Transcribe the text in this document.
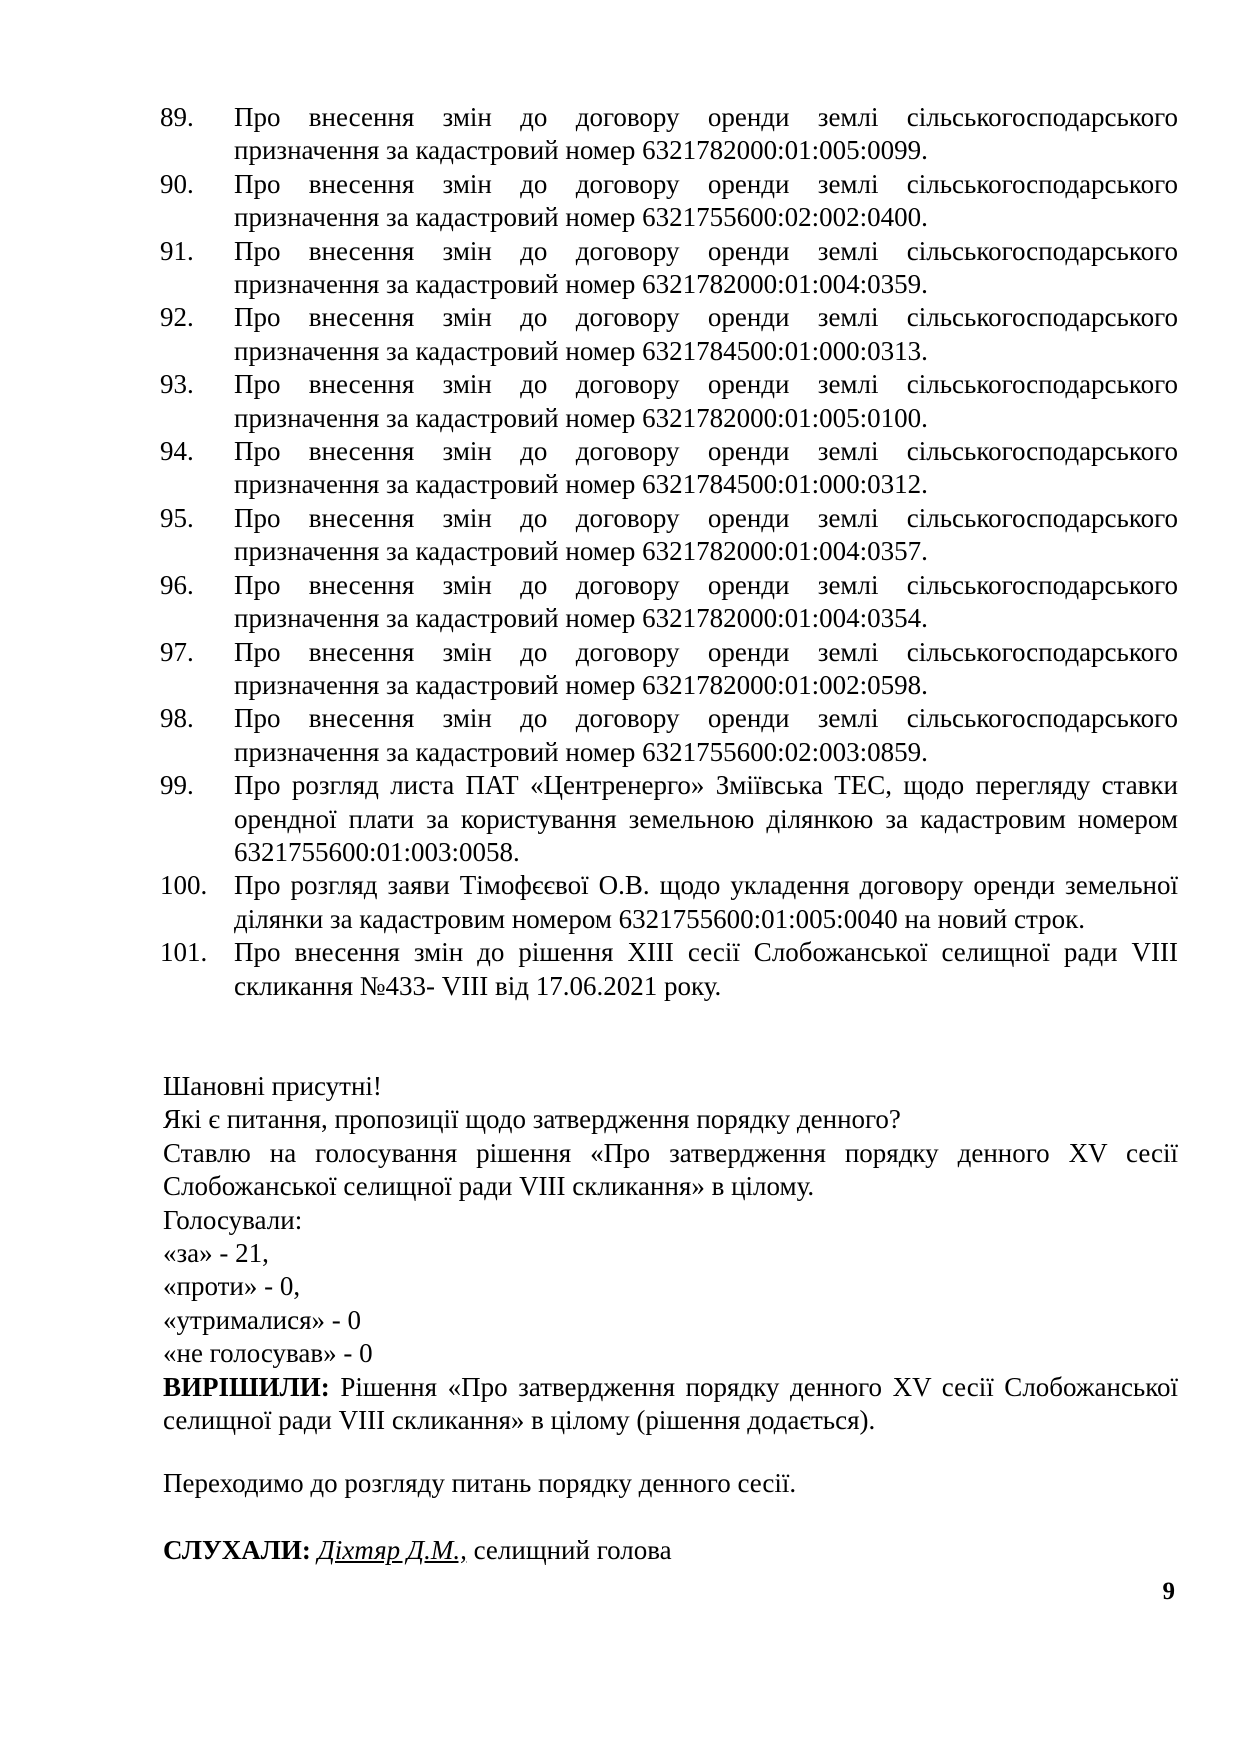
89.	Про внесення змін до договору оренди землі сільськогосподарського призначення за кадастровий номер 6321782000:01:005:0099.
90.	Про внесення змін до договору оренди землі сільськогосподарського призначення за кадастровий номер 6321755600:02:002:0400.
91.	Про внесення змін до договору оренди землі сільськогосподарського призначення за кадастровий номер 6321782000:01:004:0359.
92.	Про внесення змін до договору оренди землі сільськогосподарського призначення за кадастровий номер 6321784500:01:000:0313.
93.	Про внесення змін до договору оренди землі сільськогосподарського призначення за кадастровий номер 6321782000:01:005:0100.
94.	Про внесення змін до договору оренди землі сільськогосподарського призначення за кадастровий номер 6321784500:01:000:0312.
95.	Про внесення змін до договору оренди землі сільськогосподарського призначення за кадастровий номер 6321782000:01:004:0357.
96.	Про внесення змін до договору оренди землі сільськогосподарського призначення за кадастровий номер 6321782000:01:004:0354.
97.	Про внесення змін до договору оренди землі сільськогосподарського призначення за кадастровий номер 6321782000:01:002:0598.
98.	Про внесення змін до договору оренди землі сільськогосподарського призначення за кадастровий номер 6321755600:02:003:0859.
99.	Про розгляд листа ПАТ «Центренерго» Зміївська ТЕС, щодо перегляду ставки орендної плати за користування земельною ділянкою за кадастровим номером 6321755600:01:003:0058.
100. Про розгляд заяви Тімофєєвої О.В. щодо укладення договору оренди земельної ділянки за кадастровим номером 6321755600:01:005:0040 на новий строк.
101. Про внесення змін до рішення XIII сесії Слобожанської селищної ради VIII скликання №433- VIII від 17.06.2021 року.

Шановні присутні!

Які є питання, пропозиції щодо затвердження порядку денного?

Ставлю на голосування рішення «Про затвердження порядку денного XV сесії Слобожанської селищної ради VIII скликання» в цілому.

Голосували:

«за» - 21,

«проти» - 0,

«утрималися» - 0

«не голосував» - 0

ВИРІШИЛИ: Рішення «Про затвердження порядку денного XV сесії Слобожанської селищної ради VIII скликання» в цілому (рішення додається).

Переходимо до розгляду питань порядку денного сесії.

СЛУХАЛИ: Діхтяр Д.М., селищний голова

9
